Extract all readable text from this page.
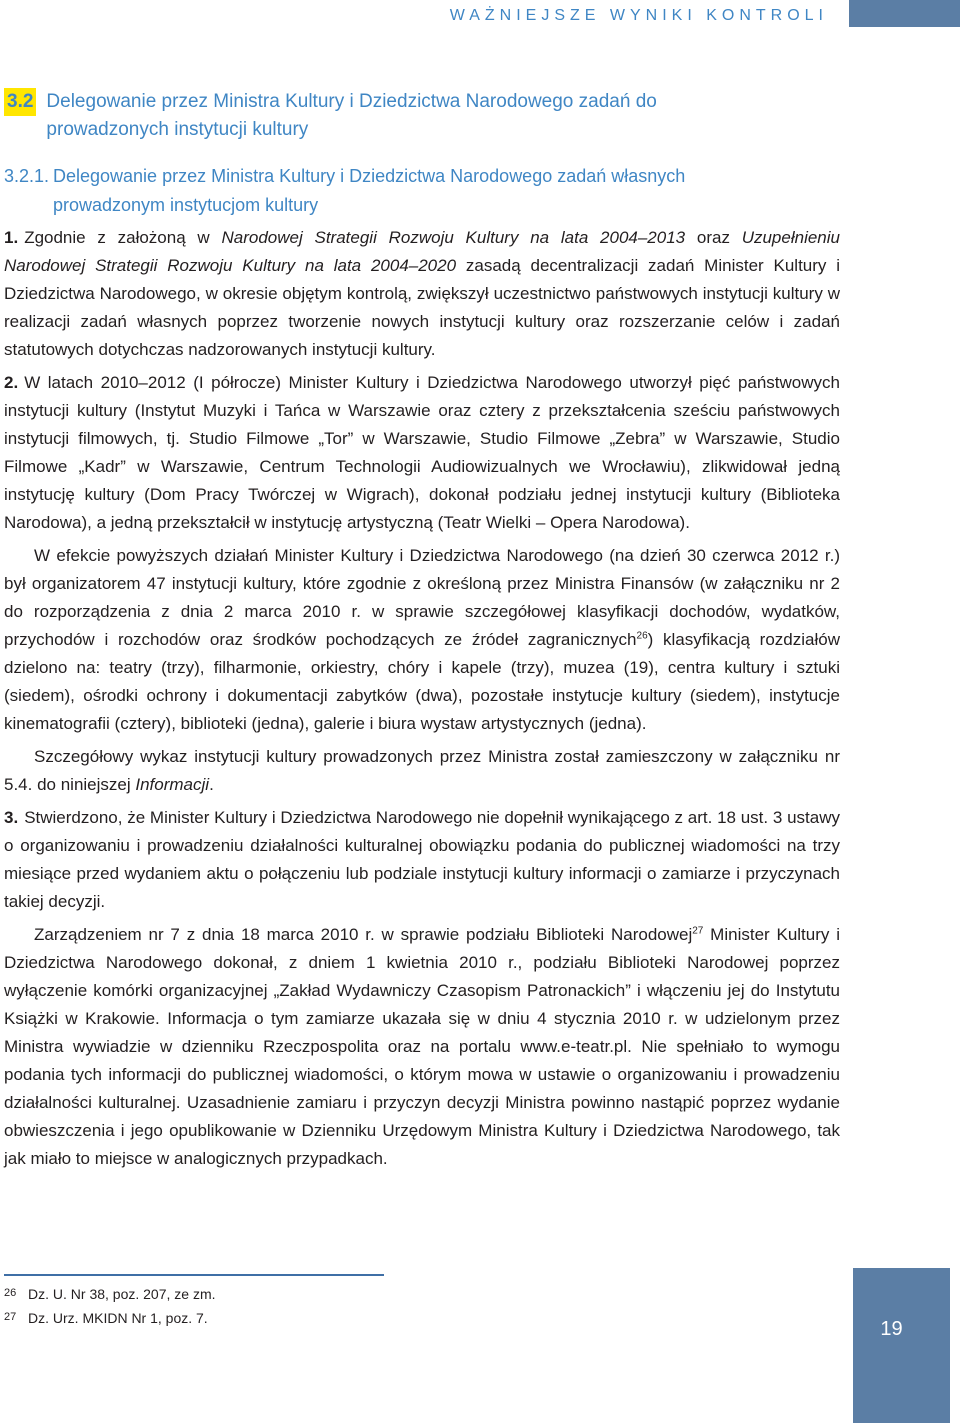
WAŻNIEJSZE WYNIKI KONTROLI
3.2 Delegowanie przez Ministra Kultury i Dziedzictwa Narodowego zadań do prowadzonych instytucji kultury
3.2.1. Delegowanie przez Ministra Kultury i Dziedzictwa Narodowego zadań własnych prowadzonym instytucjom kultury

1. Zgodnie z założoną w Narodowej Strategii Rozwoju Kultury na lata 2004–2013 oraz Uzupełnieniu Narodowej Strategii Rozwoju Kultury na lata 2004–2020 zasadą decentralizacji zadań Minister Kultury i Dziedzictwa Narodowego, w okresie objętym kontrolą, zwiększył uczestnictwo państwowych instytucji kultury w realizacji zadań własnych poprzez tworzenie nowych instytucji kultury oraz rozszerzanie celów i zadań statutowych dotychczas nadzorowanych instytucji kultury.

2. W latach 2010–2012 (I półrocze) Minister Kultury i Dziedzictwa Narodowego utworzył pięć państwowych instytucji kultury (Instytut Muzyki i Tańca w Warszawie oraz cztery z przekształcenia sześciu państwowych instytucji filmowych, tj. Studio Filmowe „Tor” w Warszawie, Studio Filmowe „Zebra” w Warszawie, Studio Filmowe „Kadr” w Warszawie, Centrum Technologii Audiowizualnych we Wrocławiu), zlikwidował jedną instytucję kultury (Dom Pracy Twórczej w Wigrach), dokonał podziału jednej instytucji kultury (Biblioteka Narodowa), a jedną przekształcił w instytucję artystyczną (Teatr Wielki – Opera Narodowa).

W efekcie powyższych działań Minister Kultury i Dziedzictwa Narodowego (na dzień 30 czerwca 2012 r.) był organizatorem 47 instytucji kultury, które zgodnie z określoną przez Ministra Finansów (w załączniku nr 2 do rozporządzenia z dnia 2 marca 2010 r. w sprawie szczegółowej klasyfikacji dochodów, wydatków, przychodów i rozchodów oraz środków pochodzących ze źródeł zagranicznych$^{26}$) klasyfikacją rozdziałów dzielono na: teatry (trzy), filharmonie, orkiestry, chóry i kapele (trzy), muzea (19), centra kultury i sztuki (siedem), ośrodki ochrony i dokumentacji zabytków (dwa), pozostałe instytucje kultury (siedem), instytucje kinematografii (cztery), biblioteki (jedna), galerie i biura wystaw artystycznych (jedna).

Szczegółowy wykaz instytucji kultury prowadzonych przez Ministra został zamieszczony w załączniku nr 5.4. do niniejszej Informacji.

3. Stwierdzono, że Minister Kultury i Dziedzictwa Narodowego nie dopełnił wynikającego z art. 18 ust. 3 ustawy o organizowaniu i prowadzeniu działalności kulturalnej obowiązku podania do publicznej wiadomości na trzy miesiące przed wydaniem aktu o połączeniu lub podziale instytucji kultury informacji o zamiarze i przyczynach takiej decyzji.

Zarządzeniem nr 7 z dnia 18 marca 2010 r. w sprawie podziału Biblioteki Narodowej$^{27}$ Minister Kultury i Dziedzictwa Narodowego dokonał, z dniem 1 kwietnia 2010 r., podziału Biblioteki Narodowej poprzez wyłączenie komórki organizacyjnej „Zakład Wydawniczy Czasopism Patronackich” i włączeniu jej do Instytutu Książki w Krakowie. Informacja o tym zamiarze ukazała się w dniu 4 stycznia 2010 r. w udzielonym przez Ministra wywiadzie w dzienniku Rzeczpospolita oraz na portalu www.e-teatr.pl. Nie spełniało to wymogu podania tych informacji do publicznej wiadomości, o którym mowa w ustawie o organizowaniu i prowadzeniu działalności kulturalnej. Uzasadnienie zamiaru i przyczyn decyzji Ministra powinno nastąpić poprzez wydanie obwieszczenia i jego opublikowanie w Dzienniku Urzędowym Ministra Kultury i Dziedzictwa Narodowego, tak jak miało to miejsce w analogicznych przypadkach.

26 Dz. U. Nr 38, poz. 207, ze zm.
27 Dz. Urz. MKIDN Nr 1, poz. 7.	19
